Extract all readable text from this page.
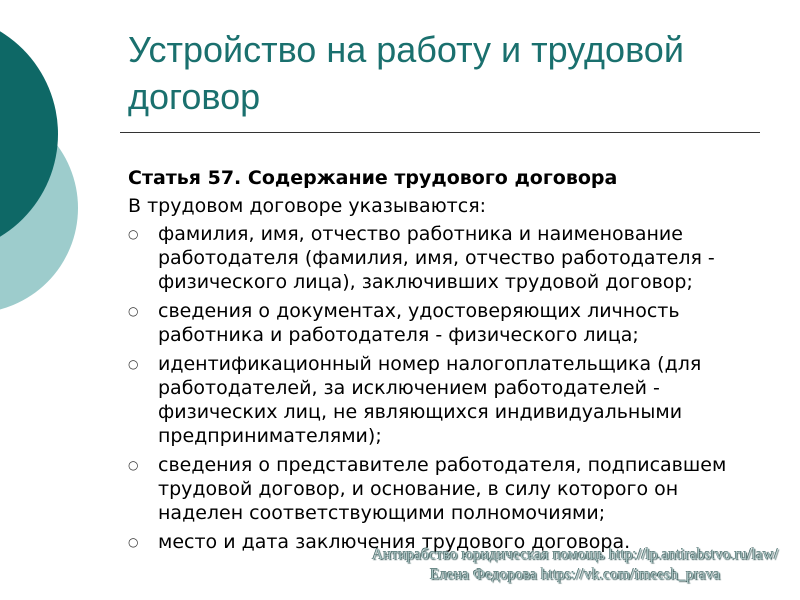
Устройство на работу и трудовой
договор
Статья 57. Содержание трудового договора
В трудовом договоре указываются:
○ фамилия, имя, отчество работника и наименование
работодателя (фамилия, имя, отчество работодателя -
физического лица), заключивших трудовой договор;
○ сведения о документах, удостоверяющих личность
работника и работодателя - физического лица;
○ идентификационный номер налогоплательщика (для
работодателей, за исключением работодателей -
физических лиц, не являющихся индивидуальными
предпринимателями);
○ сведения о представителе работодателя, подписавшем
трудовой договор, и основание, в силу которого он
наделен соответствующими полномочиями;
○ место и дата заключения трудового договора.
Антирабство юридическая помощь http://lp.antirabstvo.ru/law/
Елена Федорова https://vk.com/imeesh_prava
